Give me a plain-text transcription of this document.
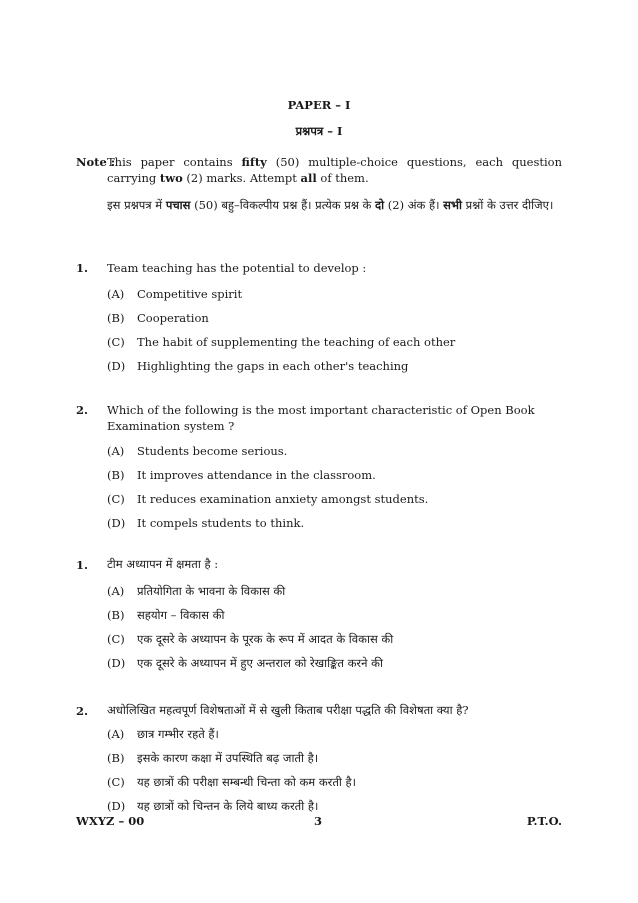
PAPER – I
प्रश्नपत्र – I
Note :
This paper contains fifty (50) multiple-choice questions, each question carrying two (2) marks. Attempt all of them.
इस प्रश्नपत्र में पचास (50) बहु–विकल्पीय प्रश्न हैं। प्रत्येक प्रश्न के दो (2) अंक हैं। सभी प्रश्नों के उत्तर दीजिए।
1. Team teaching has the potential to develop :
(A) Competitive spirit
(B) Cooperation
(C) The habit of supplementing the teaching of each other
(D) Highlighting the gaps in each other's teaching
2. Which of the following is the most important characteristic of Open Book Examination system ?
(A) Students become serious.
(B) It improves attendance in the classroom.
(C) It reduces examination anxiety amongst students.
(D) It compels students to think.
1. टीम अध्यापन में क्षमता है :
(A) प्रतियोगिता के भावना के विकास की
(B) सहयोग – विकास की
(C) एक दूसरे के अध्यापन के पूरक के रूप में आदत के विकास की
(D) एक दूसरे के अध्यापन में हुए अन्तराल को रेखाङ्कित करने की
2. अधोलिखित महत्वपूर्ण विशेषताओं में से खुली किताब परीक्षा पद्धति की विशेषता क्या है?
(A) छात्र गम्भीर रहते हैं।
(B) इसके कारण कक्षा में उपस्थिति बढ़ जाती है।
(C) यह छात्रों की परीक्षा सम्बन्धी चिन्ता को कम करती है।
(D) यह छात्रों को चिन्तन के लिये बाध्य करती है।
WXYZ – 00	3	P.T.O.
